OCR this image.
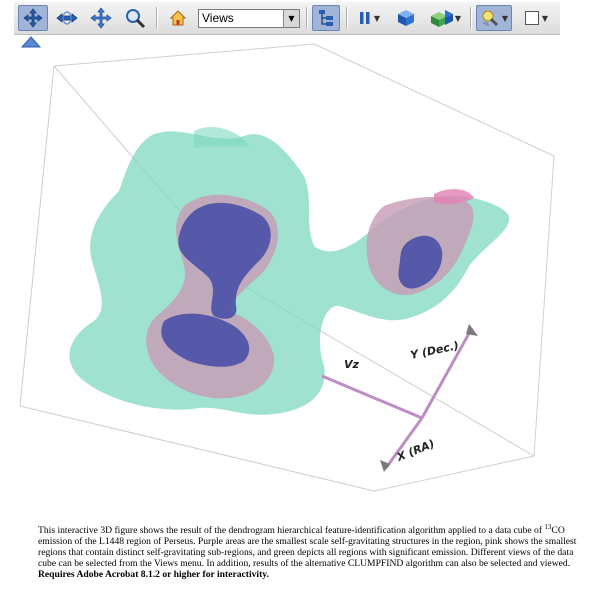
Views	▼	▼	▼	▼	▼
Vz
Y (Dec.)
X (RA)
This interactive 3D figure shows the result of the dendrogram hierarchical feature-identification algorithm applied to a data cube of $^{13}$CO emission of the L1448 region of Perseus. Purple areas are the smallest scale self-gravitating structures in the region, pink shows the smallest regions that contain distinct self-gravitating sub-regions, and green depicts all regions with significant emission. Different views of the data cube can be selected from the Views menu. In addition, results of the alternative CLUMPFIND algorithm can also be selected and viewed. Requires Adobe Acrobat 8.1.2 or higher for interactivity.
